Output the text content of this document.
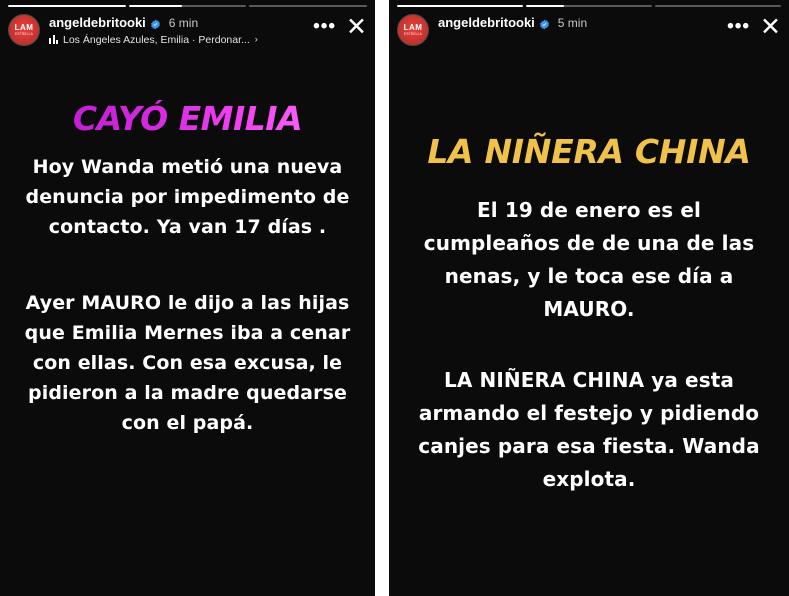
LAM
ESTRELLA
angeldebritooki 6 min
Los Ángeles Azules, Emilia · Perdonar... ›
••• ✕
CAYÓ EMILIA
Hoy Wanda metió una nueva denuncia por impedimento de contacto. Ya van 17 días .
Ayer MAURO le dijo a las hijas que Emilia Mernes iba a cenar con ellas. Con esa excusa, le pidieron a la madre quedarse con el papá.
LAM
ESTRELLA
angeldebritooki 5 min	••• ✕
LA NIÑERA CHINA
El 19 de enero es el cumpleaños de de una de las nenas, y le toca ese día a MAURO.
LA NIÑERA CHINA ya esta armando el festejo y pidiendo canjes para esa fiesta. Wanda explota.
